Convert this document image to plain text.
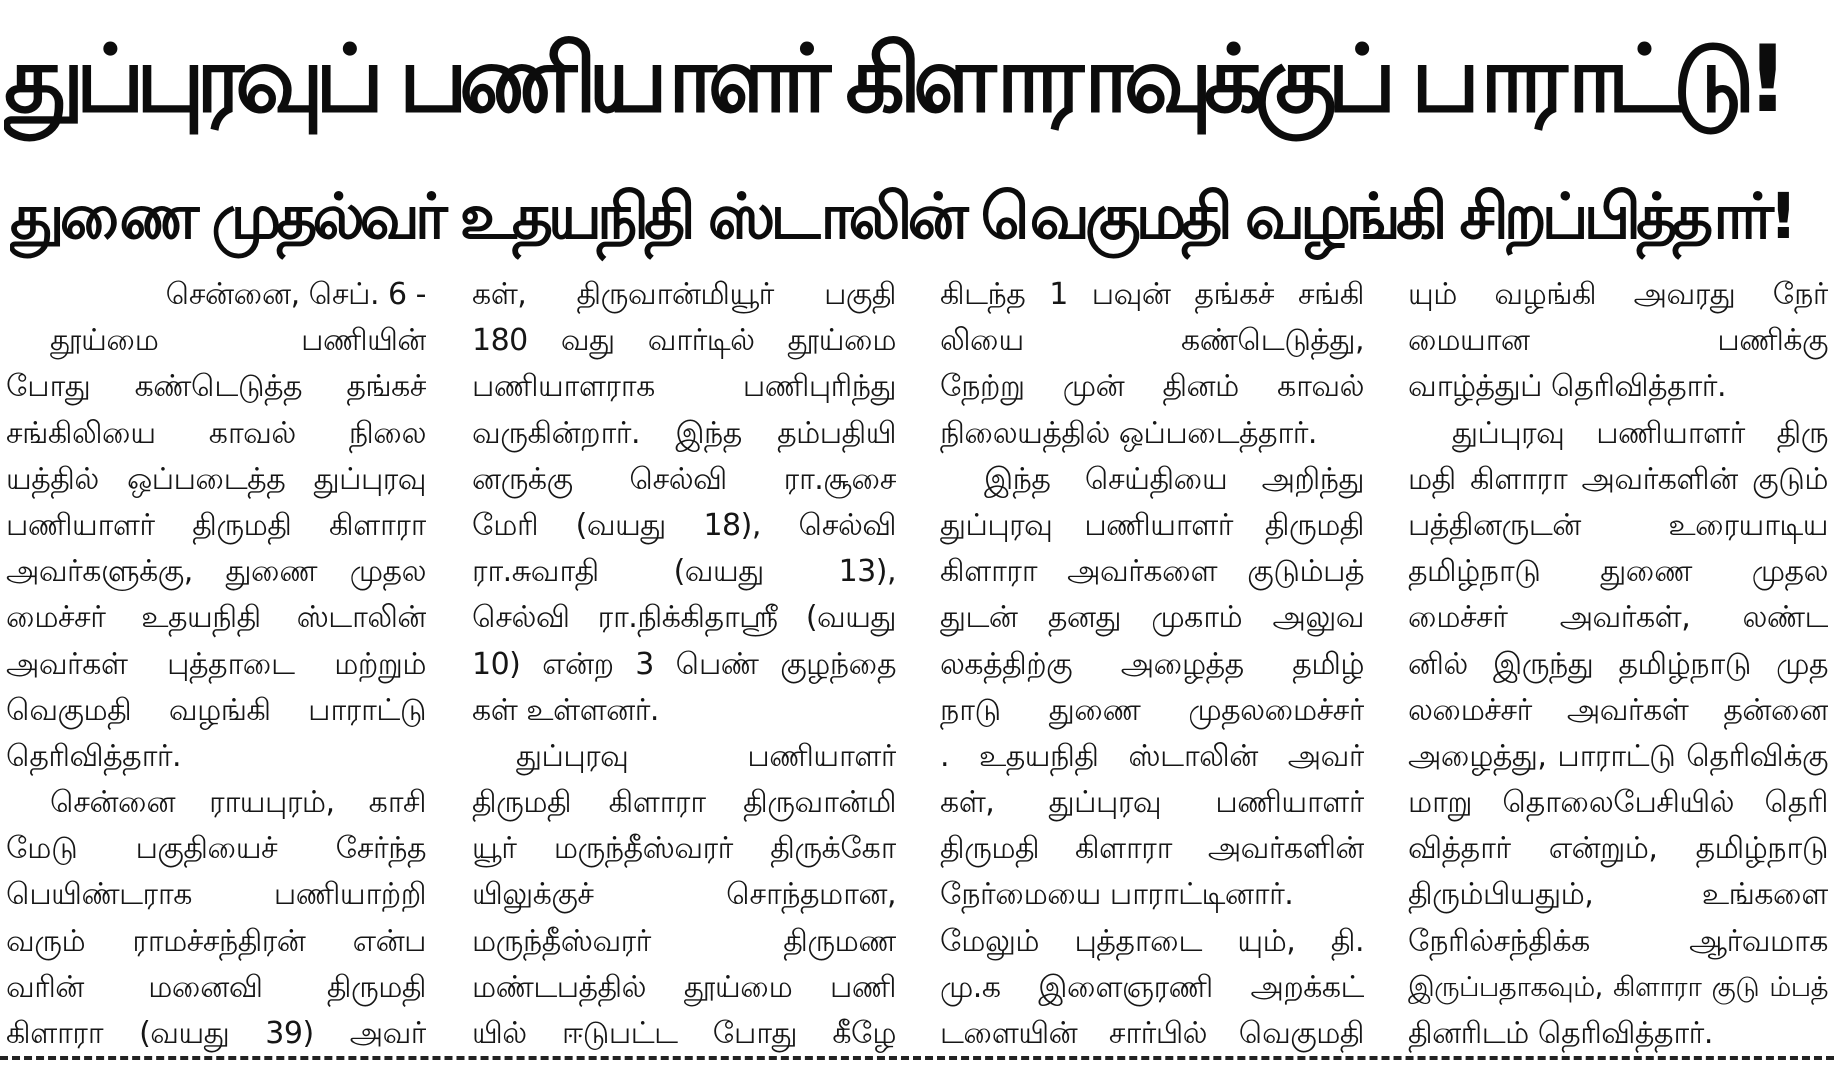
துப்புரவுப் பணியாளர் கிளாராவுக்குப் பாராட்டு!
துணை முதல்வர் உதயநிதி ஸ்டாலின் வெகுமதி வழங்கி சிறப்பித்தார்!
சென்னை, செப். 6 -
தூய்மை பணியின்
போது கண்டெடுத்த தங்கச்
சங்கிலியை காவல் நிலை
யத்தில் ஒப்படைத்த துப்புரவு
பணியாளர் திருமதி கிளாரா
அவர்களுக்கு, துணை முதல
மைச்சர் உதயநிதி ஸ்டாலின்
அவர்கள் புத்தாடை மற்றும்
வெகுமதி வழங்கி பாராட்டு
தெரிவித்தார்.
சென்னை ராயபுரம், காசி
மேடு பகுதியைச் சேர்ந்த
பெயிண்டராக பணியாற்றி
வரும் ராமச்சந்திரன் என்ப
வரின் மனைவி திருமதி
கிளாரா (வயது 39) அவர்
கள், திருவான்மியூர் பகுதி
180 வது வார்டில் தூய்மை
பணியாளராக பணிபுரிந்து
வருகின்றார். இந்த தம்பதியி
னருக்கு செல்வி ரா.சூசை
மேரி (வயது 18), செல்வி
ரா.சுவாதி (வயது 13),
செல்வி ரா.நிக்கிதாஸ்ரீ (வயது
10) என்ற 3 பெண் குழந்தை
கள் உள்ளனர்.
துப்புரவு பணியாளர்
திருமதி கிளாரா திருவான்மி
யூர் மருந்தீஸ்வரர் திருக்கோ
யிலுக்குச் சொந்தமான,
மருந்தீஸ்வரர் திருமண
மண்டபத்தில் தூய்மை பணி
யில் ஈடுபட்ட போது கீழே
கிடந்த 1 பவுன் தங்கச் சங்கி
லியை கண்டெடுத்து,
நேற்று முன் தினம் காவல்
நிலையத்தில் ஒப்படைத்தார்.
இந்த செய்தியை அறிந்து
துப்புரவு பணியாளர் திருமதி
கிளாரா அவர்களை குடும்பத்
துடன் தனது முகாம் அலுவ
லகத்திற்கு அழைத்த தமிழ்
நாடு துணை முதலமைச்சர்
. உதயநிதி ஸ்டாலின் அவர்
கள், துப்புரவு பணியாளர்
திருமதி கிளாரா அவர்களின்
நேர்மையை பாராட்டினார்.
மேலும் புத்தாடை யும், தி.
மு.க இளைஞரணி அறக்கட்
டளையின் சார்பில் வெகுமதி
யும் வழங்கி அவரது நேர்
மையான பணிக்கு
வாழ்த்துப் தெரிவித்தார்.
துப்புரவு பணியாளர் திரு
மதி கிளாரா அவர்களின் குடும்
பத்தினருடன் உரையாடிய
தமிழ்நாடு துணை முதல
மைச்சர் அவர்கள், லண்ட
னில் இருந்து தமிழ்நாடு முத
லமைச்சர் அவர்கள் தன்னை
அழைத்து, பாராட்டு தெரிவிக்கு
மாறு தொலைபேசியில் தெரி
வித்தார் என்றும், தமிழ்நாடு
திரும்பியதும், உங்களை
நேரில்சந்திக்க ஆர்வமாக
இருப்பதாகவும், கிளாரா குடு ம்பத்
தினரிடம் தெரிவித்தார்.
